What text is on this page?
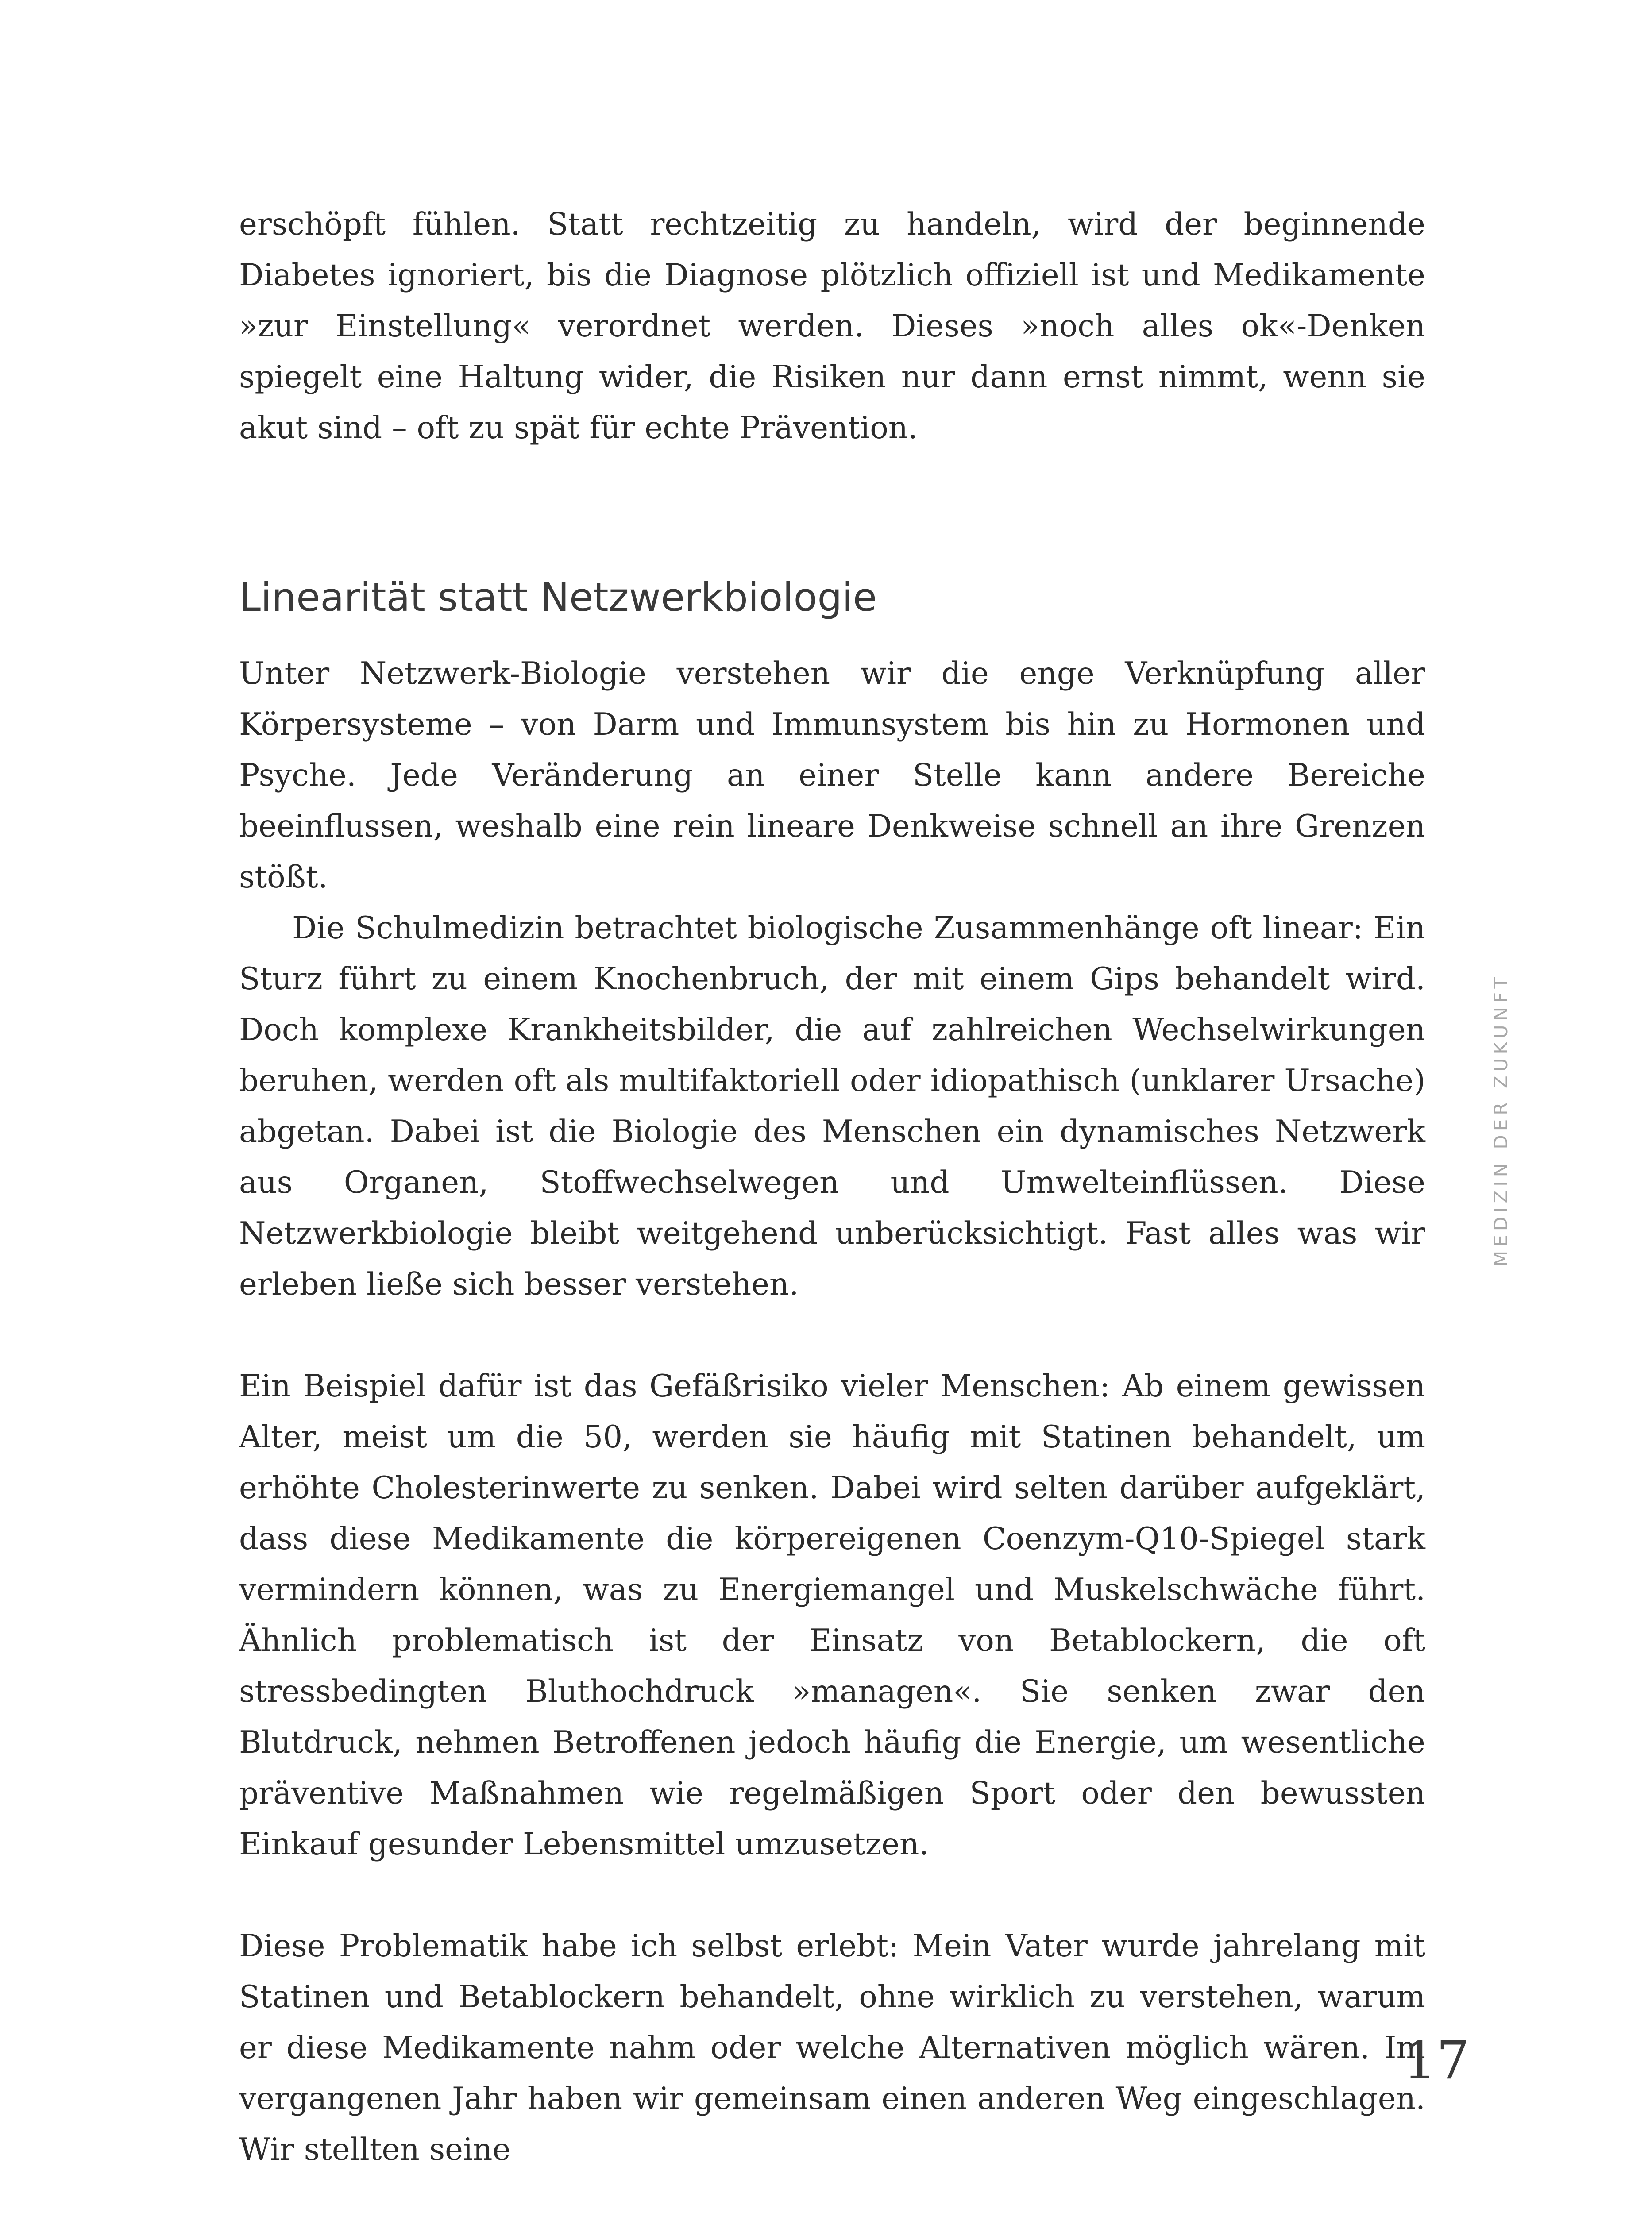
erschöpft fühlen. Statt rechtzeitig zu handeln, wird der beginnende Diabetes ignoriert, bis die Diagnose plötzlich offiziell ist und Medikamente »zur Einstellung« verordnet werden. Dieses »noch alles ok«-Denken spiegelt eine Haltung wider, die Risiken nur dann ernst nimmt, wenn sie akut sind – oft zu spät für echte Prävention.

Linearität statt Netzwerkbiologie

Unter Netzwerk-Biologie verstehen wir die enge Verknüpfung aller Körpersysteme – von Darm und Immunsystem bis hin zu Hormonen und Psyche. Jede Veränderung an einer Stelle kann andere Bereiche beeinflussen, weshalb eine rein lineare Denkweise schnell an ihre Grenzen stößt.

Die Schulmedizin betrachtet biologische Zusammenhänge oft linear: Ein Sturz führt zu einem Knochenbruch, der mit einem Gips behandelt wird. Doch komplexe Krankheitsbilder, die auf zahlreichen Wechselwirkungen beruhen, werden oft als multifaktoriell oder idiopathisch (unklarer Ursache) abgetan. Dabei ist die Biologie des Menschen ein dynamisches Netzwerk aus Organen, Stoffwechselwegen und Umwelteinflüssen. Diese Netzwerkbiologie bleibt weitgehend unberücksichtigt. Fast alles was wir erleben ließe sich besser verstehen.

Ein Beispiel dafür ist das Gefäßrisiko vieler Menschen: Ab einem gewissen Alter, meist um die 50, werden sie häufig mit Statinen behandelt, um erhöhte Cholesterinwerte zu senken. Dabei wird selten darüber aufgeklärt, dass diese Medikamente die körpereigenen Coenzym-Q10-Spiegel stark vermindern können, was zu Energiemangel und Muskelschwäche führt. Ähnlich problematisch ist der Einsatz von Betablockern, die oft stressbedingten Bluthochdruck »managen«. Sie senken zwar den Blutdruck, nehmen Betroffenen jedoch häufig die Energie, um wesentliche präventive Maßnahmen wie regelmäßigen Sport oder den bewussten Einkauf gesunder Lebensmittel umzusetzen.

Diese Problematik habe ich selbst erlebt: Mein Vater wurde jahrelang mit Statinen und Betablockern behandelt, ohne wirklich zu verstehen, warum er diese Medikamente nahm oder welche Alternativen möglich wären. Im vergangenen Jahr haben wir gemeinsam einen anderen Weg eingeschlagen. Wir stellten seine

MEDIZIN DER ZUKUNFT
17
